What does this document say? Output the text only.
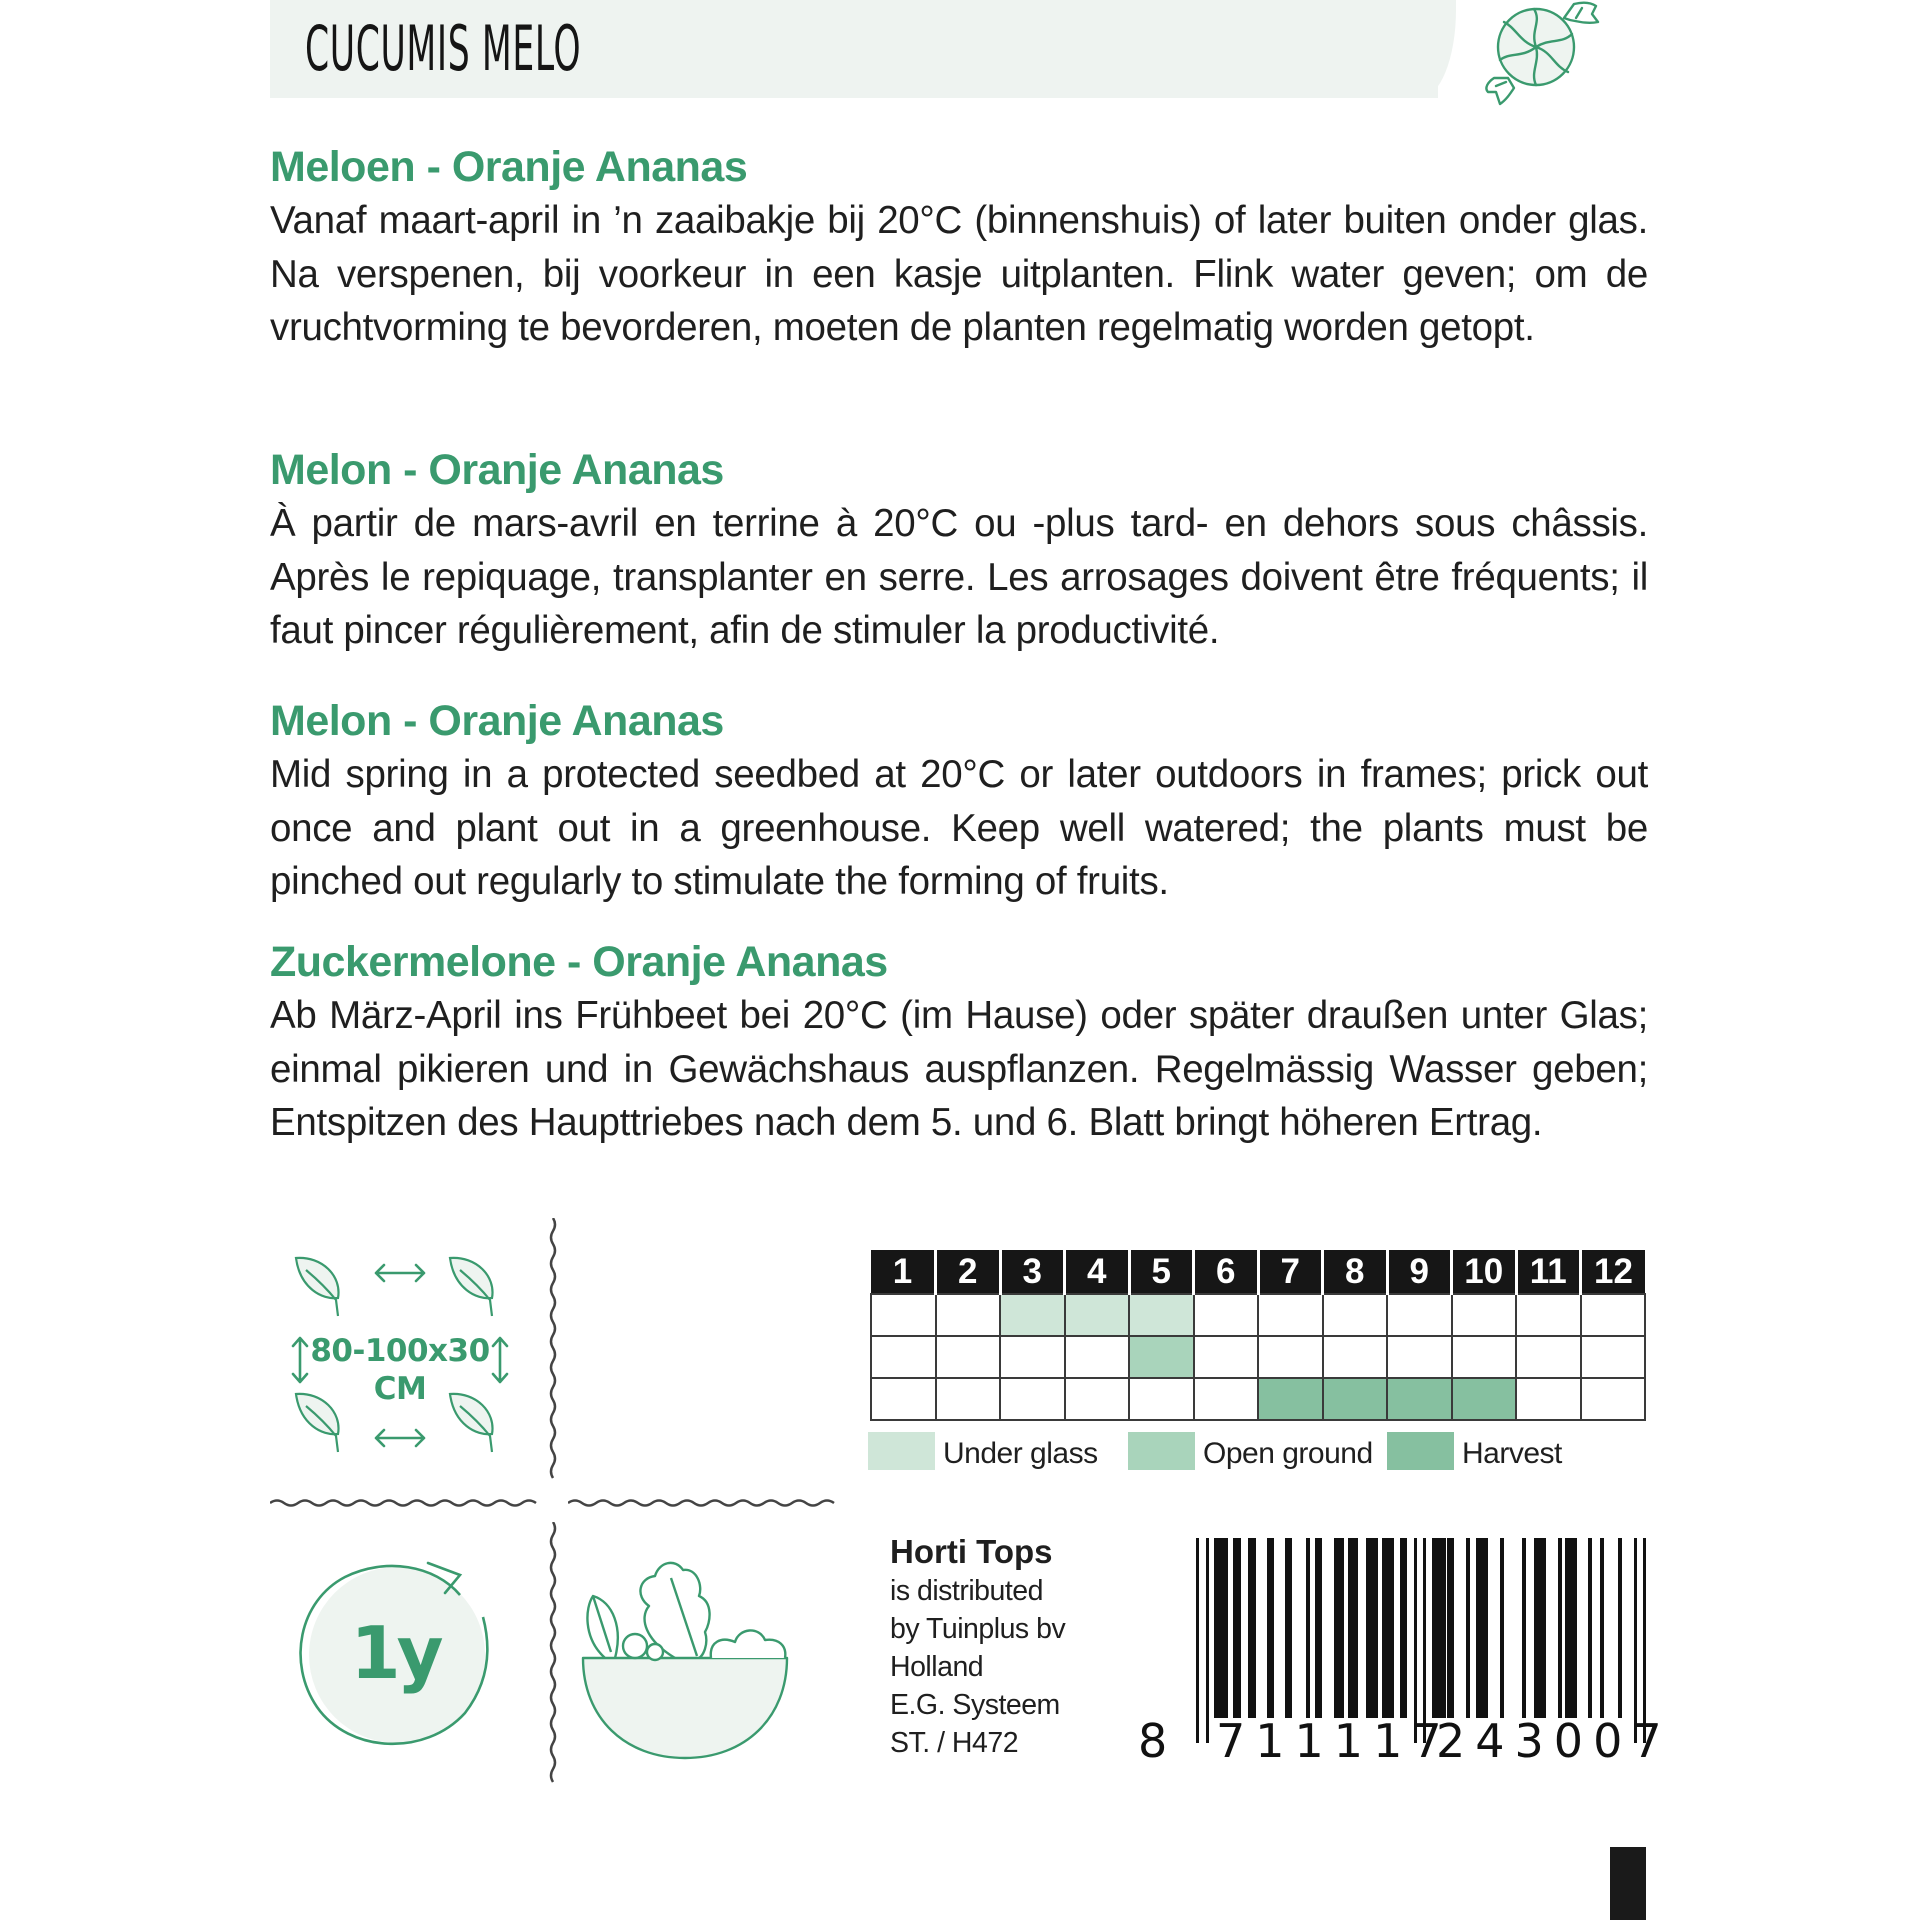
CUCUMIS MELO
Meloen - Oranje Ananas

Vanaf maart-april in ’n zaaibakje bij 20°C (binnenshuis) of later buiten onder glas. Na verspenen, bij voorkeur in een kasje uitplanten. Flink water geven; om de vruchtvorming te bevorderen, moeten de planten regelmatig worden getopt.

Melon - Oranje Ananas

À partir de mars-avril en terrine à 20°C ou -plus tard- en dehors sous châssis. Après le repiquage, transplanter en serre. Les arrosages doivent être fréquents; il faut pincer régulièrement, afin de stimuler la productivité.

Melon - Oranje Ananas

Mid spring in a protected seedbed at 20°C or later outdoors in frames; prick out once and plant out in a greenhouse. Keep well watered; the plants must be pinched out regularly to stimulate the forming of fruits.

Zuckermelone - Oranje Ananas

Ab März-April ins Frühbeet bei 20°C (im Hause) oder später draußen unter Glas; einmal pikieren und in Gewächshaus auspflanzen. Regelmässig Wasser geben; Entspitzen des Haupttriebes nach dem 5. und 6. Blatt bringt höheren Ertrag.

80-100x30
CM
1y
1	2	3	4	5	6	7	8	9	10	11	12

Under glass	Open ground	Harvest
Horti Tops
is distributed
by Tuinplus bv
Holland
E.G. Systeem
ST. / H472	8 711117
243007
